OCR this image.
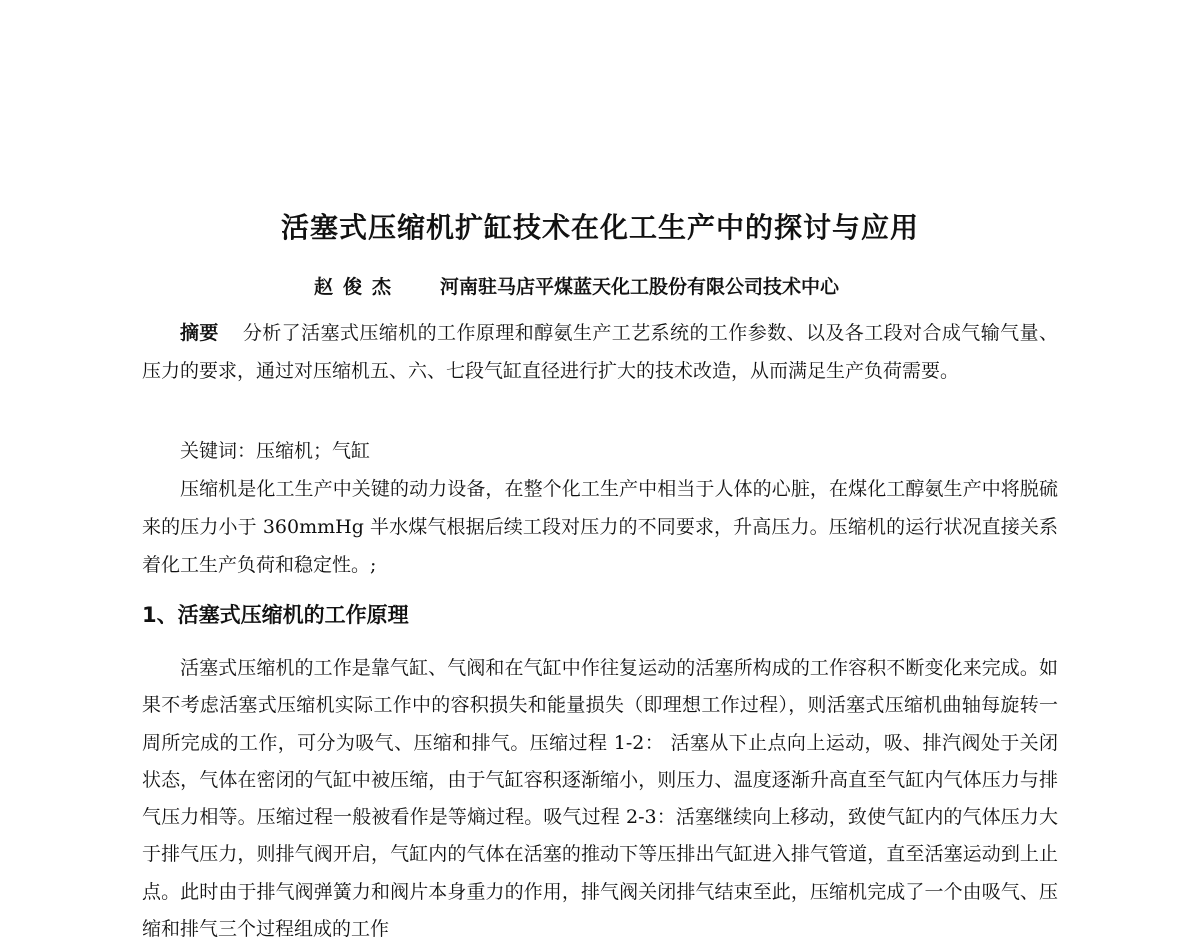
活塞式压缩机扩缸技术在化工生产中的探讨与应用
赵俊杰 河南驻马店平煤蓝天化工股份有限公司技术中心

摘要 分析了活塞式压缩机的工作原理和醇氨生产工艺系统的工作参数、以及各工段对合成气输气量、压力的要求，通过对压缩机五、六、七段气缸直径进行扩大的技术改造，从而满足生产负荷需要。

关键词：压缩机；气缸

压缩机是化工生产中关键的动力设备，在整个化工生产中相当于人体的心脏，在煤化工醇氨生产中将脱硫来的压力小于 360mmHg 半水煤气根据后续工段对压力的不同要求，升高压力。压缩机的运行状况直接关系着化工生产负荷和稳定性。;

1、活塞式压缩机的工作原理

活塞式压缩机的工作是靠气缸、气阀和在气缸中作往复运动的活塞所构成的工作容积不断变化来完成。如果不考虑活塞式压缩机实际工作中的容积损失和能量损失（即理想工作过程），则活塞式压缩机曲轴每旋转一周所完成的工作，可分为吸气、压缩和排气。压缩过程 1-2： 活塞从下止点向上运动，吸、排汽阀处于关闭状态，气体在密闭的气缸中被压缩，由于气缸容积逐渐缩小，则压力、温度逐渐升高直至气缸内气体压力与排气压力相等。压缩过程一般被看作是等熵过程。吸气过程 2-3：活塞继续向上移动，致使气缸内的气体压力大于排气压力，则排气阀开启，气缸内的气体在活塞的推动下等压排出气缸进入排气管道，直至活塞运动到上止点。此时由于排气阀弹簧力和阀片本身重力的作用，排气阀关闭排气结束至此，压缩机完成了一个由吸气、压缩和排气三个过程组成的工作
